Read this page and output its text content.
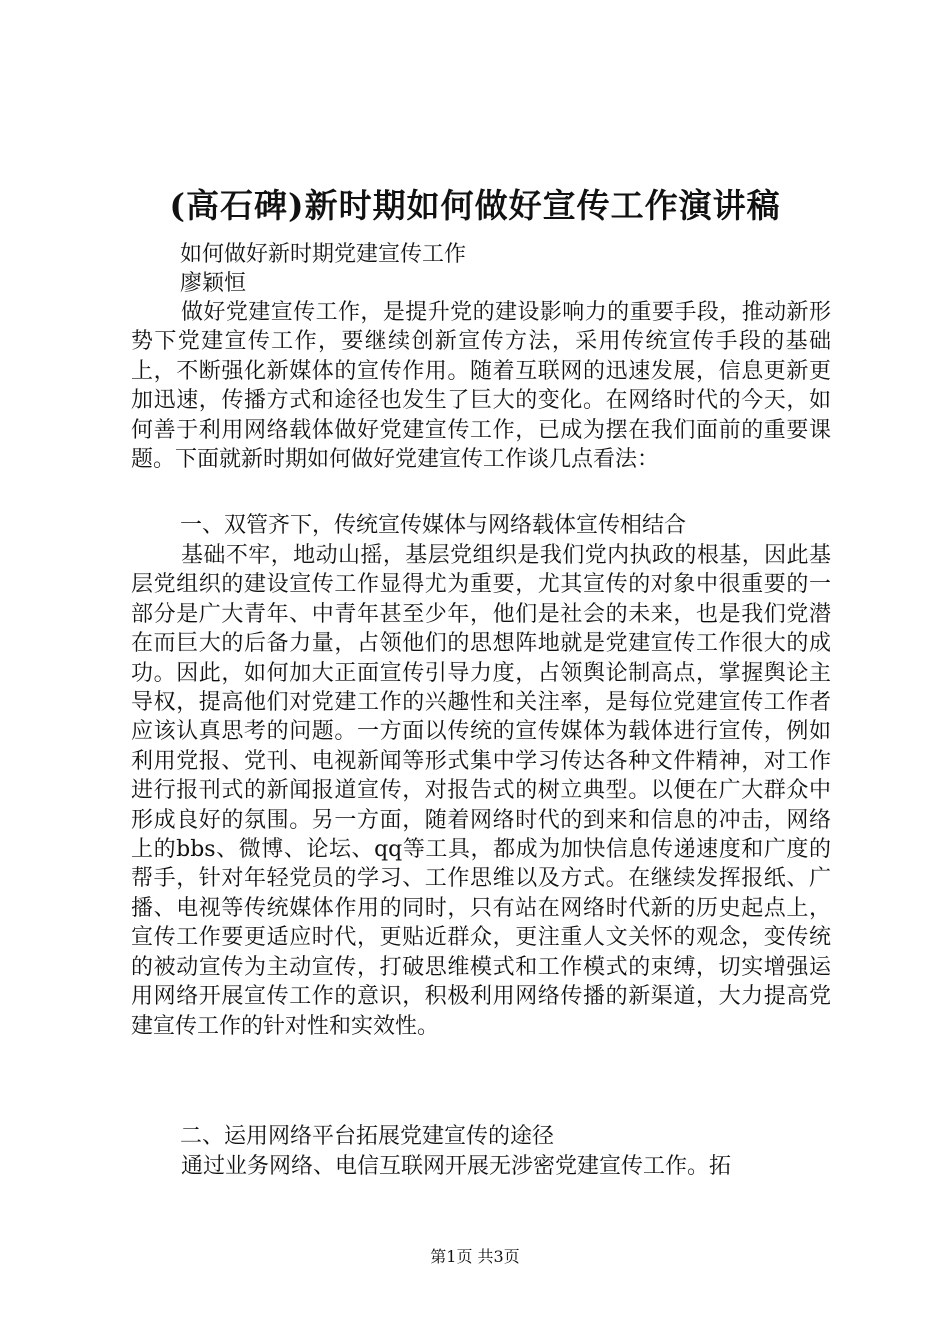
(高石碑)新时期如何做好宣传工作演讲稿
如何做好新时期党建宣传工作
廖颖恒

做好党建宣传工作，是提升党的建设影响力的重要手段，推动新形势下党建宣传工作，要继续创新宣传方法，采用传统宣传手段的基础上，不断强化新媒体的宣传作用。随着互联网的迅速发展，信息更新更加迅速，传播方式和途径也发生了巨大的变化。在网络时代的今天，如何善于利用网络载体做好党建宣传工作，已成为摆在我们面前的重要课题。下面就新时期如何做好党建宣传工作谈几点看法：

一、双管齐下，传统宣传媒体与网络载体宣传相结合

基础不牢，地动山摇，基层党组织是我们党内执政的根基，因此基层党组织的建设宣传工作显得尤为重要，尤其宣传的对象中很重要的一部分是广大青年、中青年甚至少年，他们是社会的未来，也是我们党潜在而巨大的后备力量，占领他们的思想阵地就是党建宣传工作很大的成功。因此，如何加大正面宣传引导力度，占领舆论制高点，掌握舆论主导权，提高他们对党建工作的兴趣性和关注率，是每位党建宣传工作者应该认真思考的问题。一方面以传统的宣传媒体为载体进行宣传，例如利用党报、党刊、电视新闻等形式集中学习传达各种文件精神，对工作进行报刊式的新闻报道宣传，对报告式的树立典型。以便在广大群众中形成良好的氛围。另一方面，随着网络时代的到来和信息的冲击，网络上的bbs、微博、论坛、qq等工具，都成为加快信息传递速度和广度的帮手，针对年轻党员的学习、工作思维以及方式。在继续发挥报纸、广播、电视等传统媒体作用的同时，只有站在网络时代新的历史起点上，宣传工作要更适应时代，更贴近群众，更注重人文关怀的观念，变传统的被动宣传为主动宣传，打破思维模式和工作模式的束缚，切实增强运用网络开展宣传工作的意识，积极利用网络传播的新渠道，大力提高党建宣传工作的针对性和实效性。

二、运用网络平台拓展党建宣传的途径

通过业务网络、电信互联网开展无涉密党建宣传工作。拓

第1页 共3页
